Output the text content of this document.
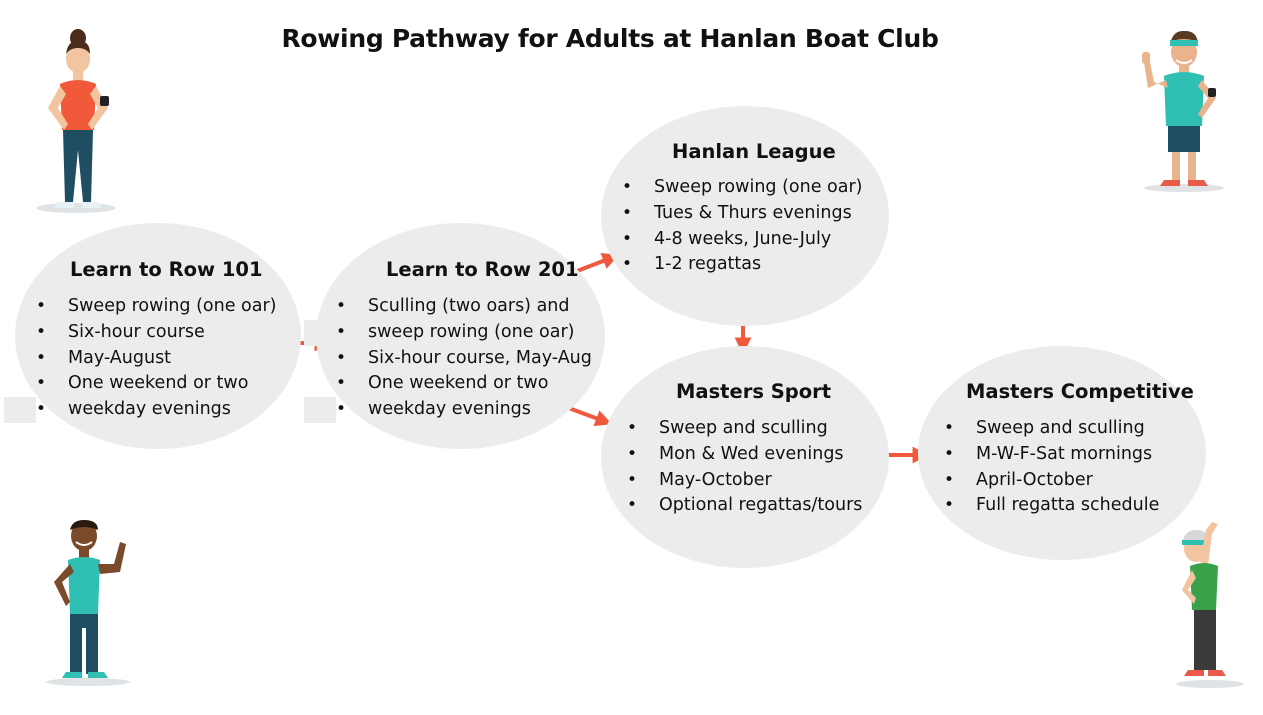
Rowing Pathway for Adults at Hanlan Boat Club
Learn to Row 101
• Sweep rowing (one oar)
• Six-hour course
• May-August
• One weekend or two
• weekday evenings
Learn to Row 201
• Sculling (two oars) and
• sweep rowing (one oar)
• Six-hour course, May-Aug
• One weekend or two
• weekday evenings
Hanlan League
• Sweep rowing (one oar)
• Tues & Thurs evenings
• 4-8 weeks, June-July
• 1-2 regattas
Masters Sport
• Sweep and sculling
• Mon & Wed evenings
• May-October
• Optional regattas/tours
Masters Competitive
• Sweep and sculling
• M-W-F-Sat mornings
• April-October
• Full regatta schedule
